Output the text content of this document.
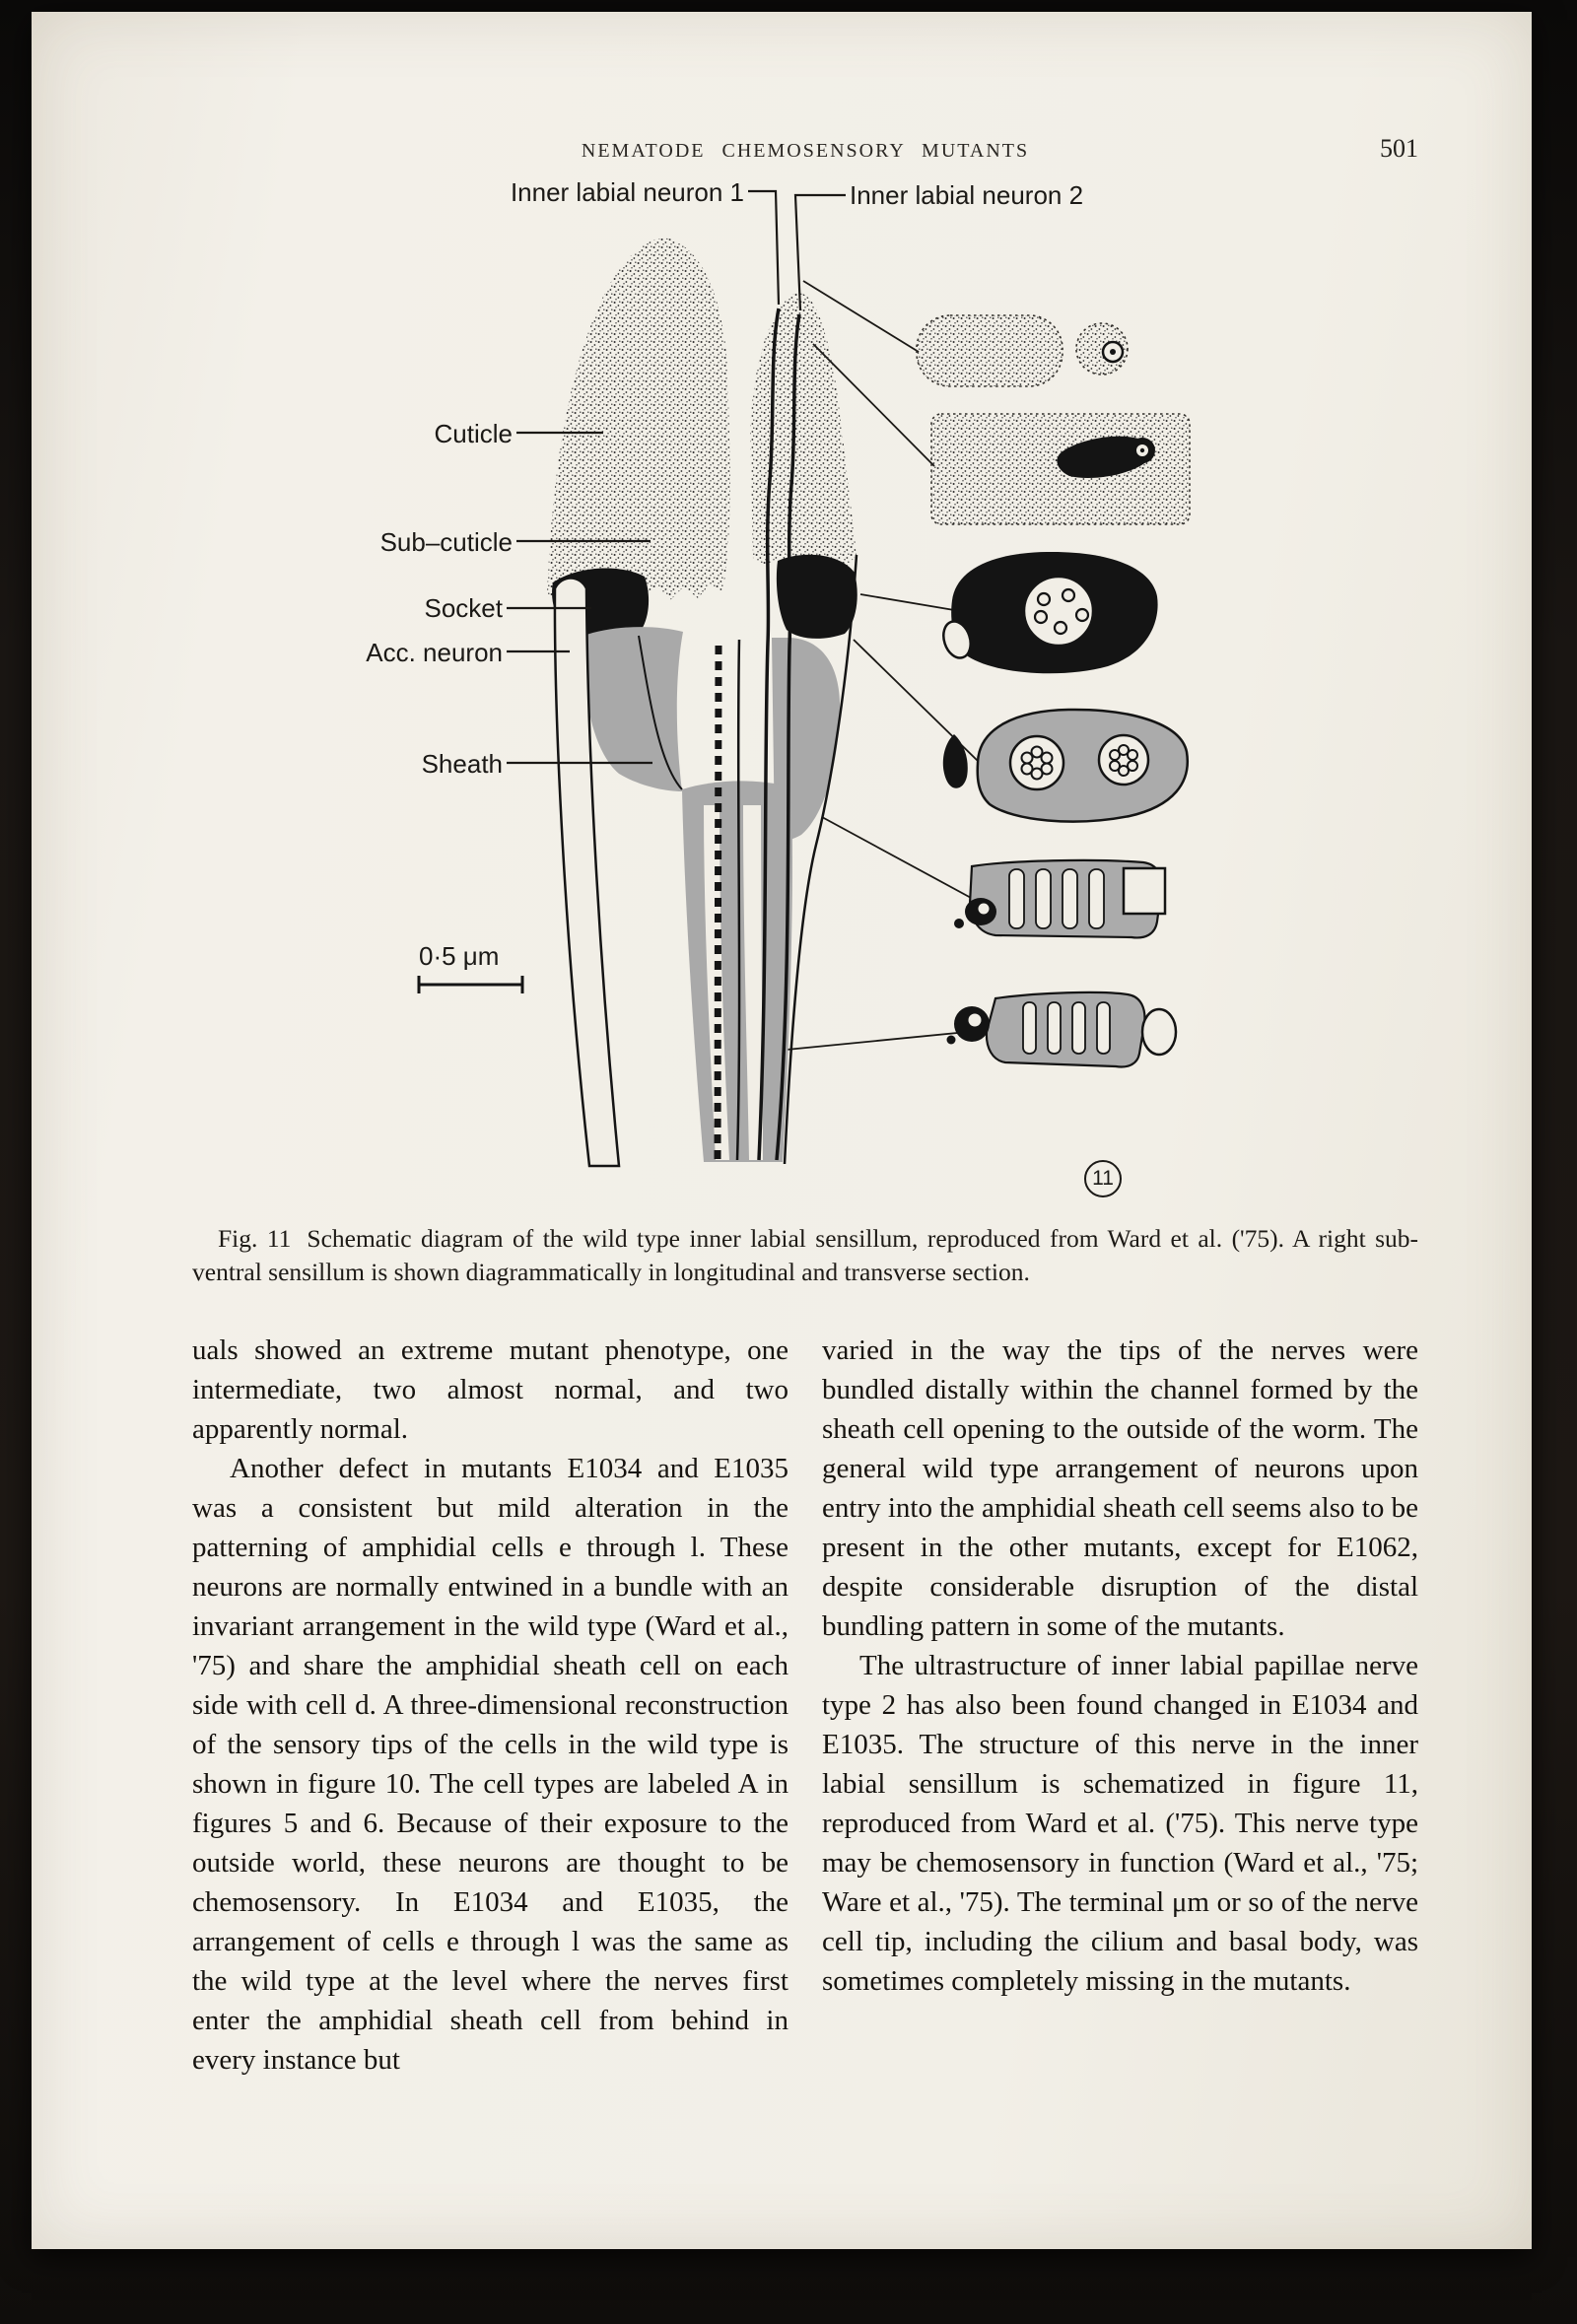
NEMATODE CHEMOSENSORY MUTANTS	501
Inner labial neuron 1	Inner labial neuron 2
Cuticle
Sub–cuticle
Socket
Acc. neuron
Sheath
0·5 μm
11

Fig. 11 Schematic diagram of the wild type inner labial sensillum, reproduced from Ward et al. ('75). A right sub-ventral sensillum is shown diagrammatically in longitudinal and transverse section.

uals showed an extreme mutant phenotype, one intermediate, two almost normal, and two apparently normal.

Another defect in mutants E1034 and E1035 was a consistent but mild alteration in the patterning of amphidial cells e through l. These neurons are normally entwined in a bundle with an invariant arrangement in the wild type (Ward et al., '75) and share the amphidial sheath cell on each side with cell d. A three-dimensional reconstruction of the sensory tips of the cells in the wild type is shown in figure 10. The cell types are labeled A in figures 5 and 6. Because of their exposure to the outside world, these neurons are thought to be chemosensory. In E1034 and E1035, the arrangement of cells e through l was the same as the wild type at the level where the nerves first enter the amphidial sheath cell from behind in every instance but

varied in the way the tips of the nerves were bundled distally within the channel formed by the sheath cell opening to the outside of the worm. The general wild type arrangement of neurons upon entry into the amphidial sheath cell seems also to be present in the other mutants, except for E1062, despite considerable disruption of the distal bundling pattern in some of the mutants.

The ultrastructure of inner labial papillae nerve type 2 has also been found changed in E1034 and E1035. The structure of this nerve in the inner labial sensillum is schematized in figure 11, reproduced from Ward et al. ('75). This nerve type may be chemosensory in function (Ward et al., '75; Ware et al., '75). The terminal μm or so of the nerve cell tip, including the cilium and basal body, was sometimes completely missing in the mutants.
